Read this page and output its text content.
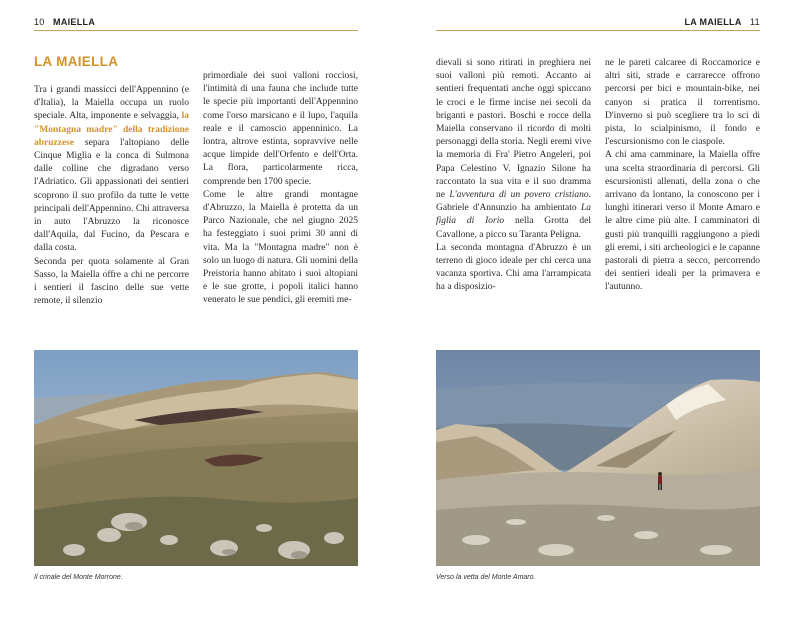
10 MAIELLA	LA MAIELLA 11
LA MAIELLA

Tra i grandi massicci dell'Appennino (e d'Italia), la Maiella occupa un ruolo speciale. Alta, imponente e selvaggia, la "Montagna madre" della tradizione abruzzese separa l'altopiano delle Cinque Miglia e la conca di Sulmona dalle colline che digradano verso l'Adriatico. Gli appassionati dei sentieri scoprono il suo profilo da tutte le vette principali dell'Appennino. Chi attraversa in auto l'Abruzzo la riconosce dall'Aquila, dal Fucino, da Pescara e dalla costa.

Seconda per quota solamente al Gran Sasso, la Maiella offre a chi ne percorre i sentieri il fascino delle sue vette remote, il silenzio

primordiale dei suoi valloni rocciosi, l'intimità di una fauna che include tutte le specie più importanti dell'Appennino come l'orso marsicano e il lupo, l'aquila reale e il camoscio appenninico. La lontra, altrove estinta, sopravvive nelle acque limpide dell'Orfento e dell'Orta. La flora, particolarmente ricca, comprende ben 1700 specie.

Come le altre grandi montagne d'Abruzzo, la Maiella è protetta da un Parco Nazionale, che nel giugno 2025 ha festeggiato i suoi primi 30 anni di vita. Ma la "Montagna madre" non è solo un luogo di natura. Gli uomini della Preistoria hanno abitato i suoi altopiani e le sue grotte, i popoli italici hanno venerato le sue pendici, gli eremiti me-

dievali si sono ritirati in preghiera nei suoi valloni più remoti. Accanto ai sentieri frequentati anche oggi spiccano le croci e le firme incise nei secoli da briganti e pastori. Boschi e rocce della Maiella conservano il ricordo di molti personaggi della storia. Negli eremi vive la memoria di Fra' Pietro Angeleri, poi Papa Celestino V. Ignazio Silone ha raccontato la sua vita e il suo dramma ne L'avventura di un povero cristiano. Gabriele d'Annunzio ha ambientato La figlia di Iorio nella Grotta del Cavallone, a picco su Taranta Peligna.

La seconda montagna d'Abruzzo è un terreno di gioco ideale per chi cerca una vacanza sportiva. Chi ama l'arrampicata ha a disposizio-

ne le pareti calcaree di Roccamorice e altri siti, strade e carrarecce offrono percorsi per bici e mountain-bike, nei canyon si pratica il torrentismo. D'inverno si può scegliere tra lo sci di pista, lo scialpinismo, il fondo e l'escursionismo con le ciaspole.

A chi ama camminare, la Maiella offre una scelta straordinaria di percorsi. Gli escursionisti allenati, della zona o che arrivano da lontano, la conoscono per i lunghi itinerari verso il Monte Amaro e le altre cime più alte. I camminatori di gusti più tranquilli raggiungono a piedi gli eremi, i siti archeologici e le capanne pastorali di pietra a secco, percorrendo dei sentieri ideali per la primavera e l'autunno.

Il crinale del Monte Morrone.	Verso la vetta del Monte Amaro.
